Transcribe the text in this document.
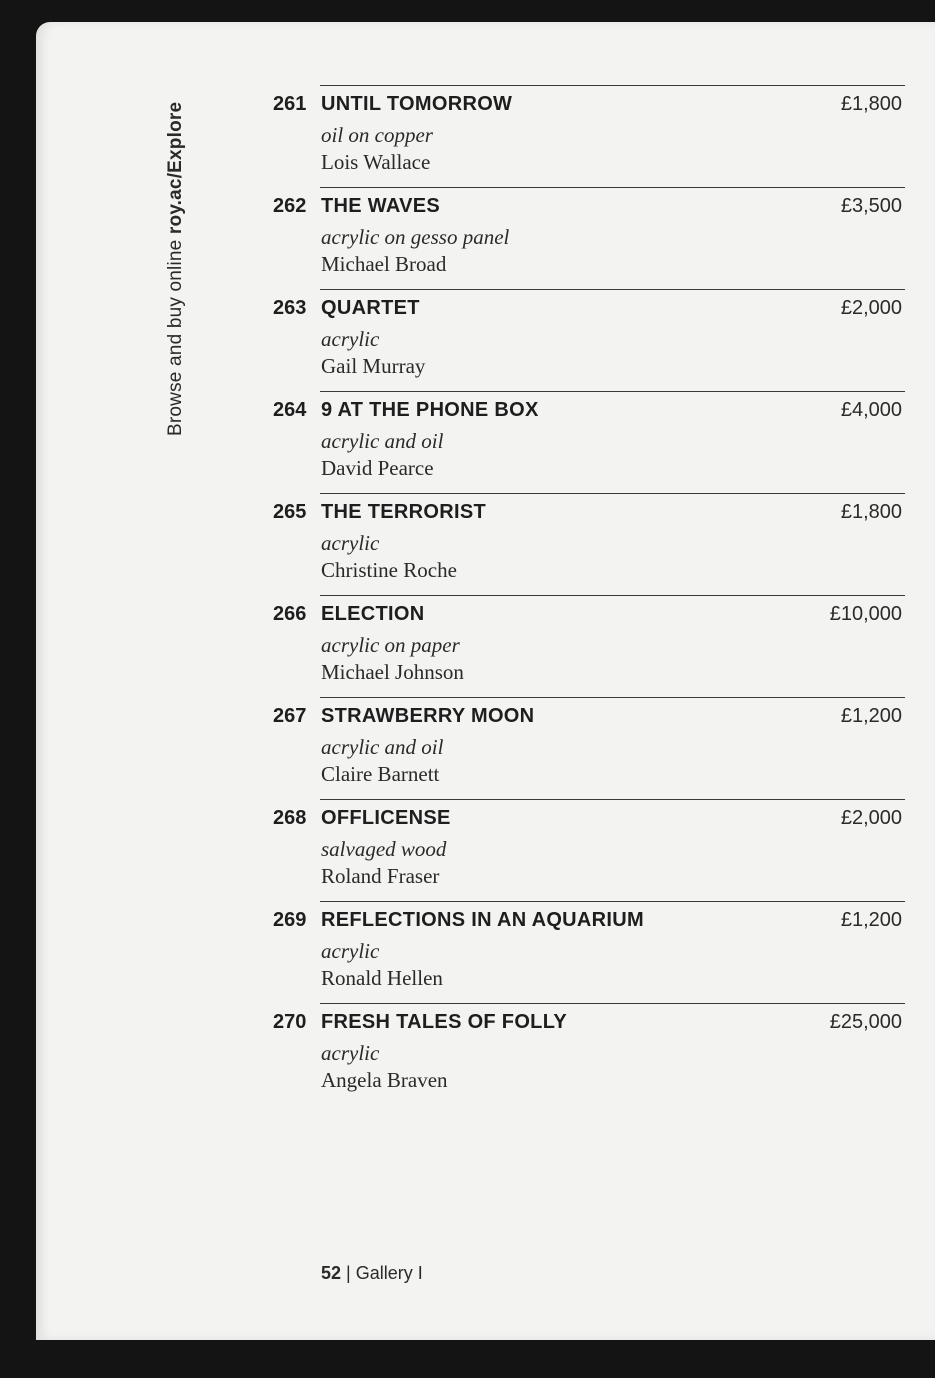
Browse and buy online roy.ac/Explore	261 UNTIL TOMORROW
oil on copper
Lois Wallace
£1,800
262 THE WAVES
acrylic on gesso panel
Michael Broad
£3,500
263 QUARTET
acrylic
Gail Murray
£2,000
264 9 AT THE PHONE BOX
acrylic and oil
David Pearce
£4,000
265 THE TERRORIST
acrylic
Christine Roche
£1,800
266 ELECTION
acrylic on paper
Michael Johnson
£10,000
267 STRAWBERRY MOON
acrylic and oil
Claire Barnett
£1,200
268 OFFLICENSE
salvaged wood
Roland Fraser
£2,000
269 REFLECTIONS IN AN AQUARIUM
acrylic
Ronald Hellen
£1,200
270 FRESH TALES OF FOLLY
acrylic
Angela Braven
£25,000
52 | Gallery I
